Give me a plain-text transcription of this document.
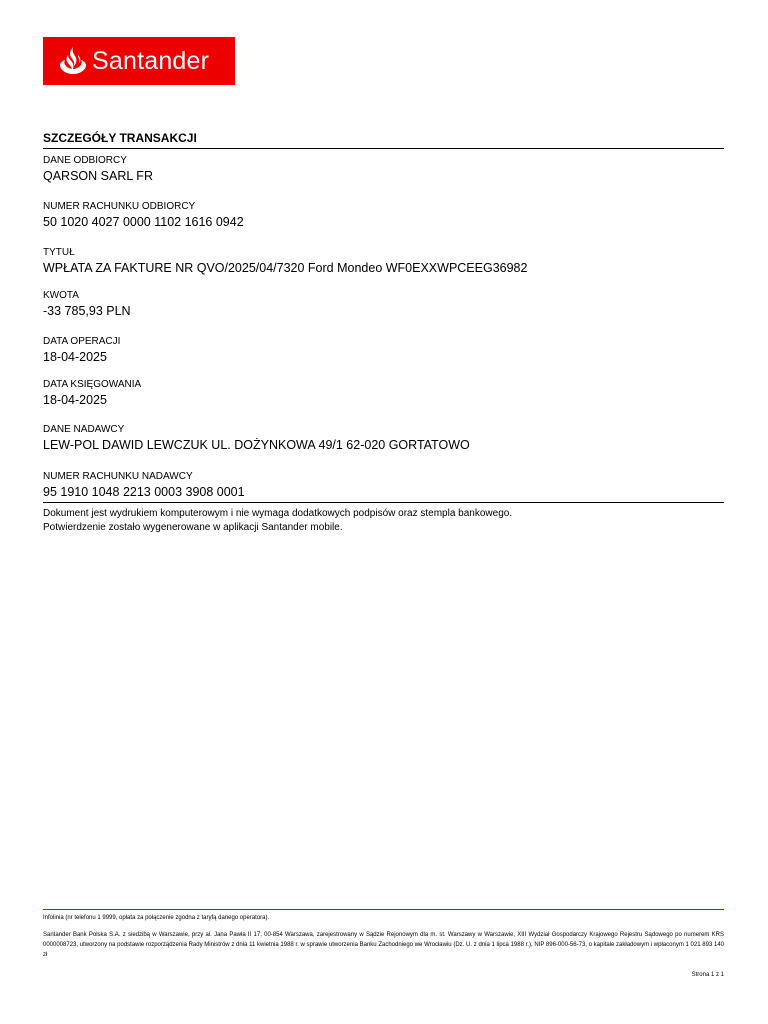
Santander
SZCZEGÓŁY TRANSAKCJI
DANE ODBIORCY
QARSON SARL FR
NUMER RACHUNKU ODBIORCY
50 1020 4027 0000 1102 1616 0942
TYTUŁ
WPŁATA ZA FAKTURE NR QVO/2025/04/7320 Ford Mondeo WF0EXXWPCEEG36982
KWOTA
-33 785,93 PLN
DATA OPERACJI
18-04-2025
DATA KSIĘGOWANIA
18-04-2025
DANE NADAWCY
LEW-POL DAWID LEWCZUK UL. DOŻYNKOWA 49/1 62-020 GORTATOWO
NUMER RACHUNKU NADAWCY
95 1910 1048 2213 0003 3908 0001
Dokument jest wydrukiem komputerowym i nie wymaga dodatkowych podpisów oraz stempla bankowego.
Potwierdzenie zostało wygenerowane w aplikacji Santander mobile.
Infolinia (nr telefonu 1 9999, opłata za połączenie zgodna z taryfą danego operatora).
Santander Bank Polska S.A. z siedzibą w Warszawie, przy al. Jana Pawła II 17, 00-854 Warszawa, zarejestrowany w Sądzie Rejonowym dla m. st. Warszawy w Warszawie, XIII Wydział Gospodarczy Krajowego Rejestru Sądowego po numerem KRS 0000008723, utworzony na podstawie rozporządzenia Rady Ministrów z dnia 11 kwietnia 1988 r. w sprawie utworzenia Banku Zachodniego we Wrocławiu (Dz. U. z dnia 1 lipca 1988 r.), NIP 896-000-56-73, o kapitale zakładowym i wpłaconym 1 021 893 140 zł
Strona 1 z 1
